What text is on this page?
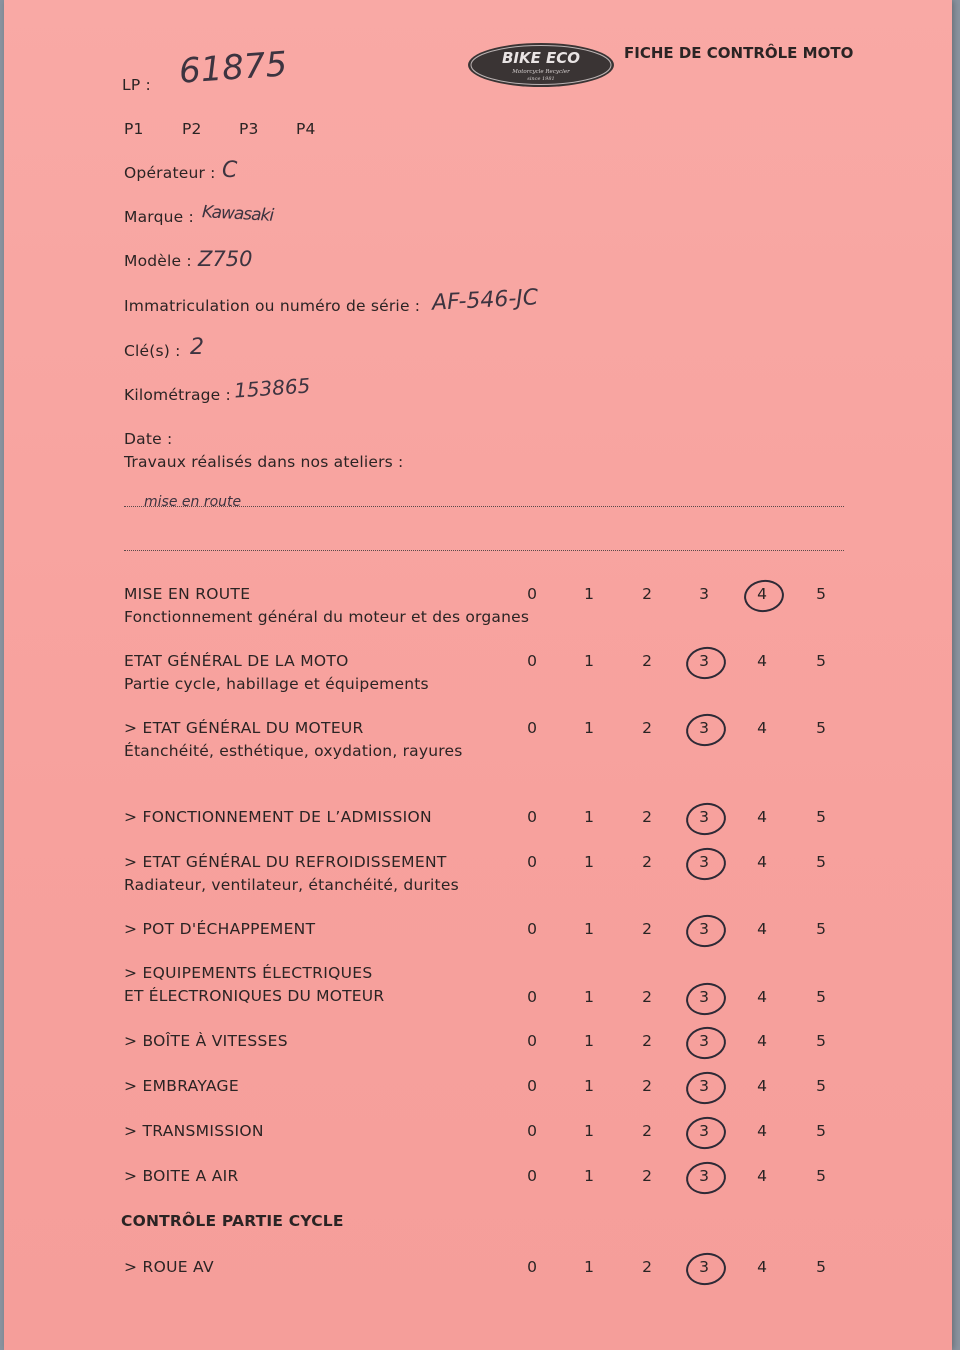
BIKE ECO
Motorcycle Recycler
since 1981
FICHE DE CONTRÔLE MOTO
LP : 61875
P1 P2 P3 P4
Opérateur : C
Marque : Kawasaki
Modèle : Z750
Immatriculation ou numéro de série : AF-546-JC
Clé(s) : 2
Kilométrage : 153865
Date :
Travaux réalisés dans nos ateliers :
mise en route
MISE EN ROUTE
Fonctionnement général du moteur et des organes
0	1	2	3	4	5
ETAT GÉNÉRAL DE LA MOTO
Partie cycle, habillage et équipements
0	1	2	3	4	5
> ETAT GÉNÉRAL DU MOTEUR
Étanchéité, esthétique, oxydation, rayures
0	1	2	3	4	5
> FONCTIONNEMENT DE L’ADMISSION	0	1	2	3	4	5
> ETAT GÉNÉRAL DU REFROIDISSEMENT
Radiateur, ventilateur, étanchéité, durites
0	1	2	3	4	5
> POT D'ÉCHAPPEMENT	0	1	2	3	4	5
> EQUIPEMENTS ÉLECTRIQUES
ET ÉLECTRONIQUES DU MOTEUR	0	1	2	3	4	5
> BOÎTE À VITESSES	0	1	2	3	4	5
> EMBRAYAGE	0	1	2	3	4	5
> TRANSMISSION	0	1	2	3	4	5
> BOITE A AIR	0	1	2	3	4	5
> ROUE AV	0	1	2	3	4	5
CONTRÔLE PARTIE CYCLE
